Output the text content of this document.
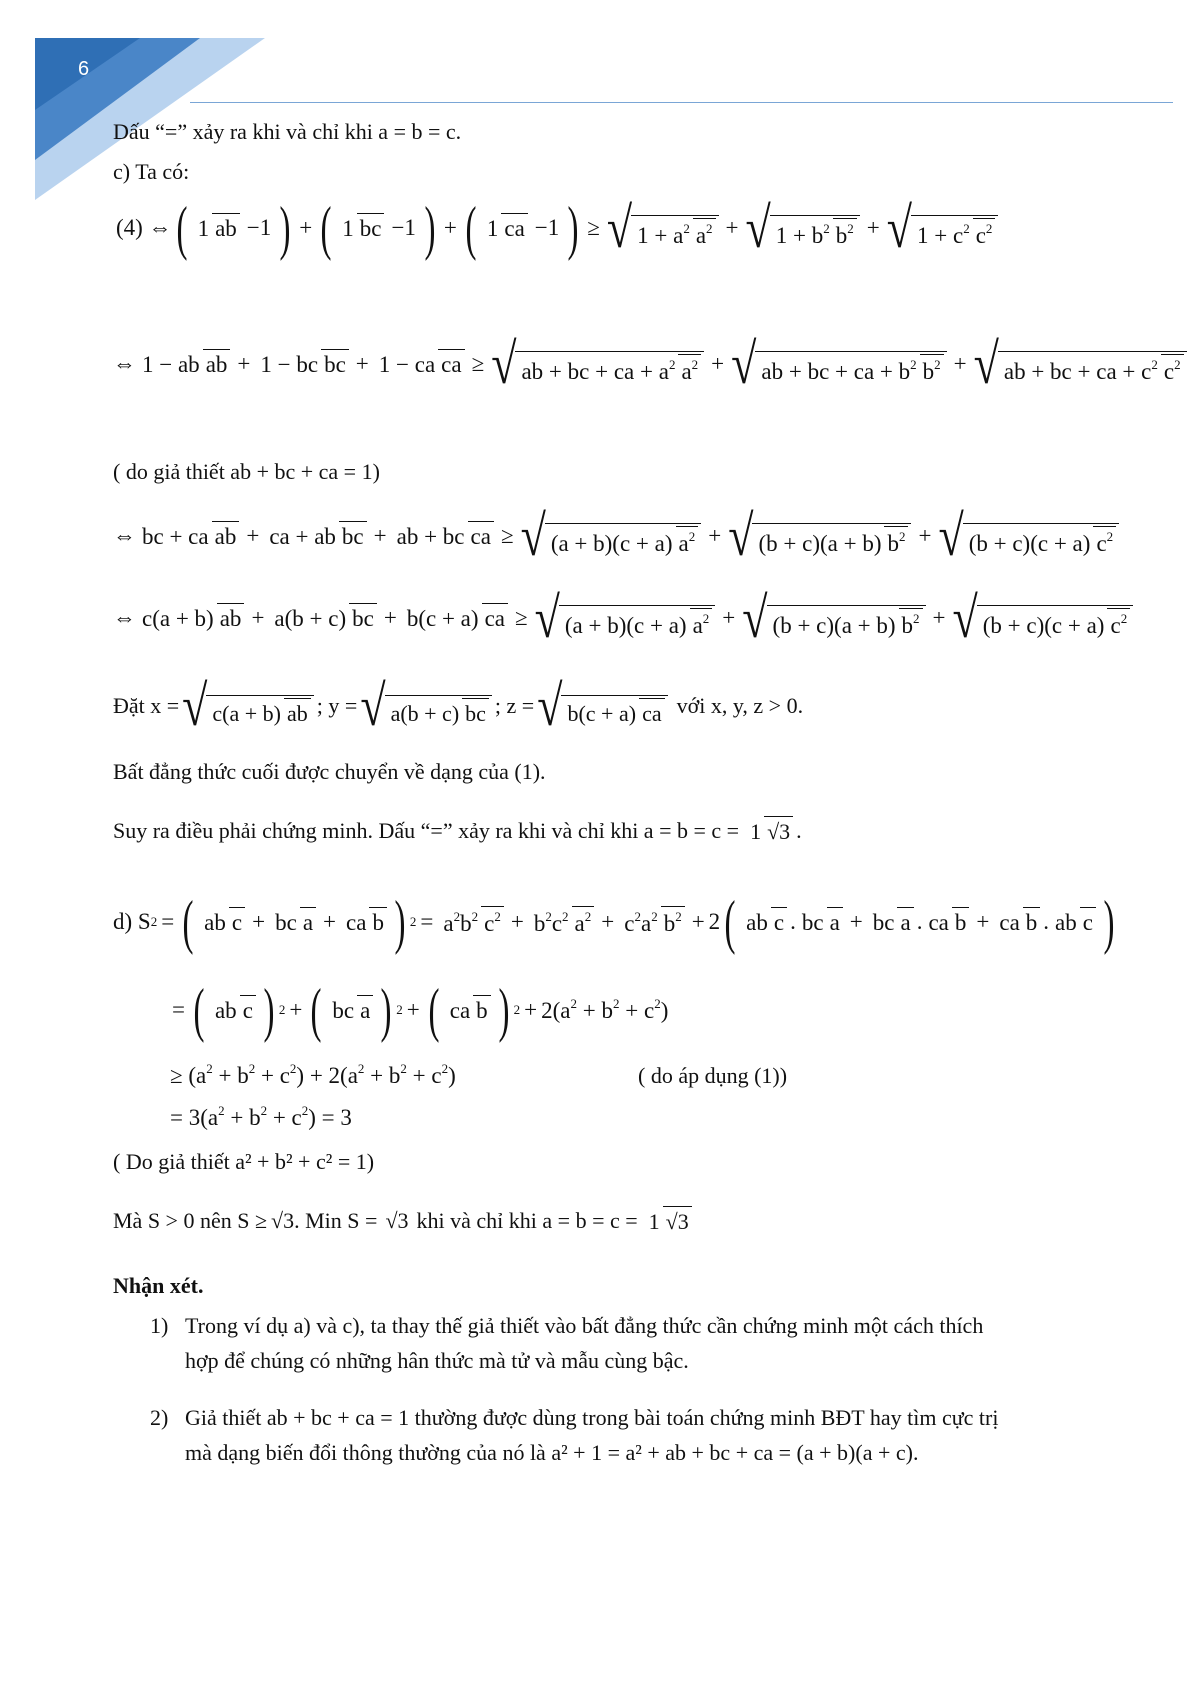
6
Dấu “=” xảy ra khi và chỉ khi a = b = c.
c) Ta có:
(4) ⇔ ( 1 ab −1 ) + ( 1 bc −1 ) + ( 1 ca −1 ) ≥ √ $1 + a^2$ $a^2$ + √ $1 + b^2$ $b^2$ + √ $1 + c^2$ $c^2$
⇔ 1 − ab ab + 1 − bc bc + 1 − ca ca ≥ √ ab + bc + ca + $a^2$ $a^2$ + √ ab + bc + ca + $b^2$ $b^2$ + √ ab + bc + ca + $c^2$ $c^2$
( do giả thiết ab + bc + ca = 1)
⇔ bc + ca ab + ca + ab bc + ab + bc ca ≥ √ (a + b)(c + a) $a^2$ + √ (b + c)(a + b) $b^2$ + √ (b + c)(c + a) $c^2$
⇔ c(a + b) ab + a(b + c) bc + b(c + a) ca ≥ √ (a + b)(c + a) $a^2$ + √ (b + c)(a + b) $b^2$ + √ (b + c)(c + a) $c^2$
Đặt x = √ c(a + b) ab ; y = √ a(b + c) bc ; z = √ b(c + a) ca với x, y, z > 0.
Bất đẳng thức cuối được chuyển về dạng của (1).
Suy ra điều phải chứng minh. Dấu “=” xảy ra khi và chỉ khi a = b = c = 1 √3 .
d) S 2 = ( ab c + bc a + ca b ) $2 = a^2b^2$ $c^2 + b^2c^2$ $a^2 + c^2a^2$ $b^2 + 2$ ( ab c . bc a + bc a . ca b + ca b . ab c )
= ( ab c ) 2 + ( bc a ) 2 + ( ca b ) $2 + 2(a^2 + b^2 + c^2)$
≥ $(a^2 + b^2 + c^2) + 2(a^2 + b^2 + c^2)$	( do áp dụng (1))
= $3(a^2 + b^2 + c^2) = 3$
( Do giả thiết a² + b² + c² = 1)
Mà S > 0 nên S ≥ √3 . Min S = √3 khi và chỉ khi a = b = c = 1 √3
Nhận xét.
1) Trong ví dụ a) và c), ta thay thế giả thiết vào bất đẳng thức cần chứng minh một cách thích hợp để chúng có những hân thức mà tử và mẫu cùng bậc.
2) Giả thiết ab + bc + ca = 1 thường được dùng trong bài toán chứng minh BĐT hay tìm cực trị mà dạng biến đổi thông thường của nó là a² + 1 = a² + ab + bc + ca = (a + b)(a + c).
